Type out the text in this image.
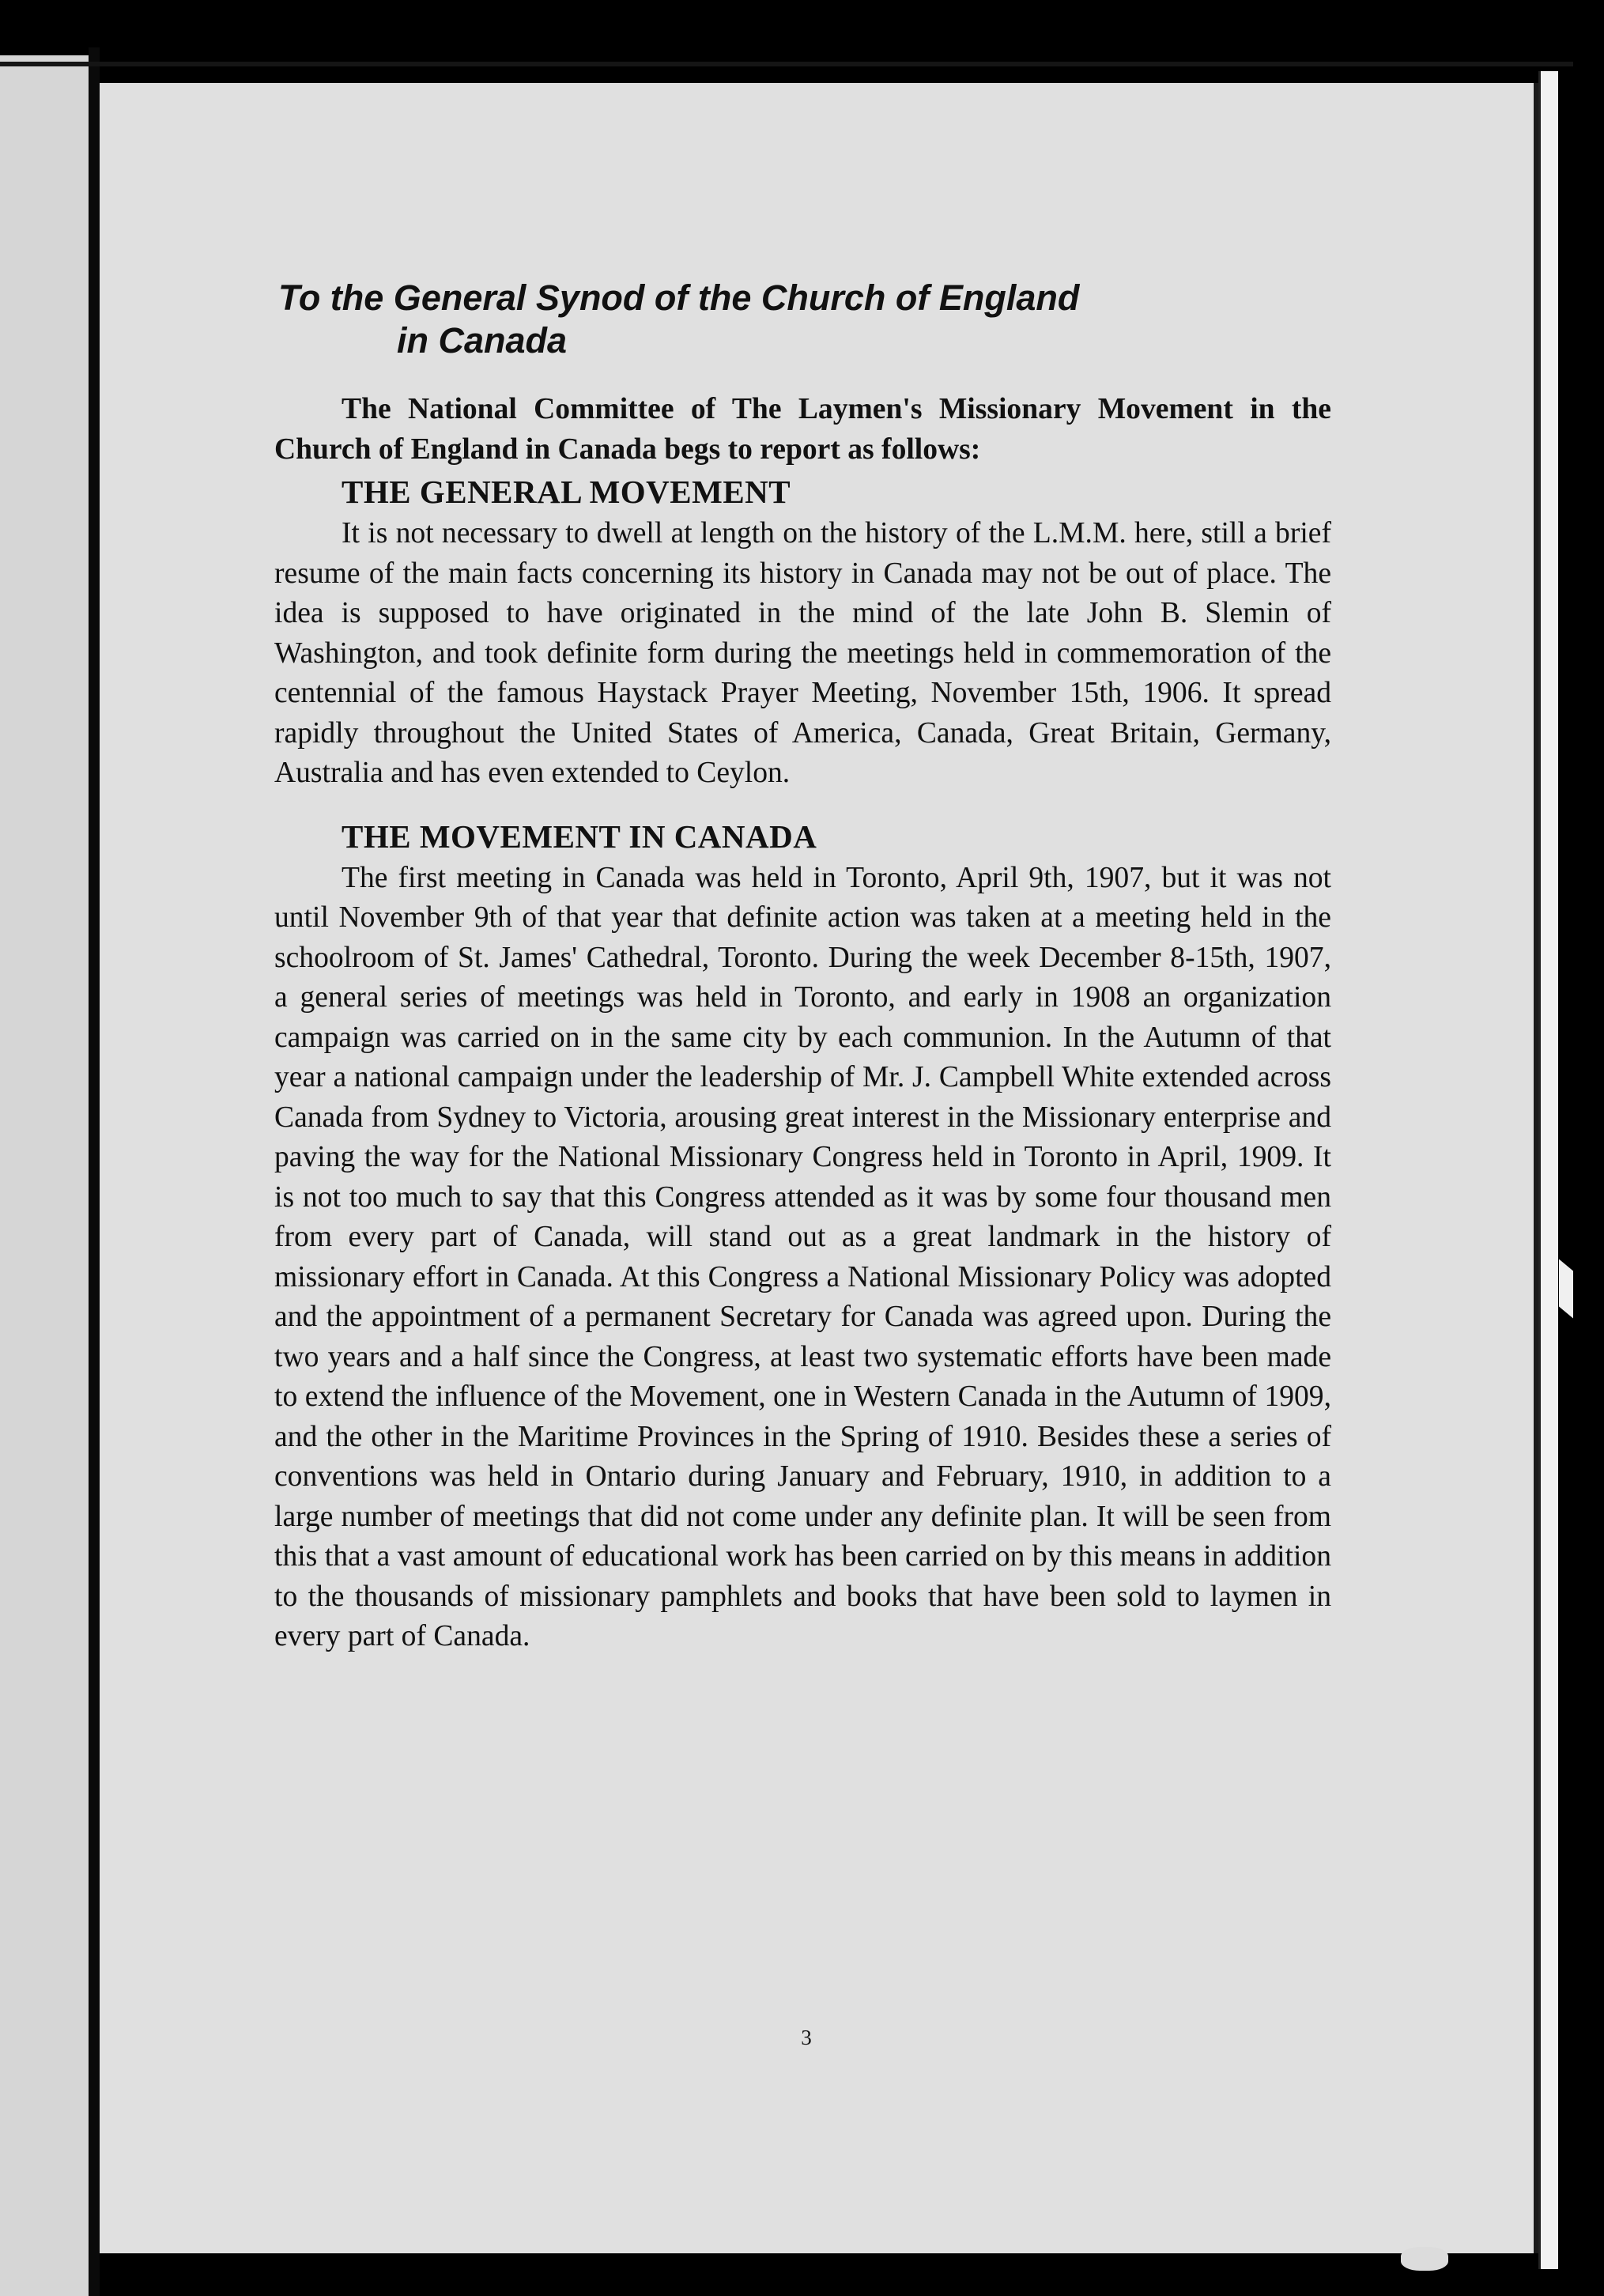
To the General Synod of the Church of England
in Canada

The National Committee of The Laymen's Missionary Movement in the Church of England in Canada begs to report as follows:

THE GENERAL MOVEMENT

It is not necessary to dwell at length on the history of the L.M.M. here, still a brief resume of the main facts concerning its history in Canada may not be out of place. The idea is supposed to have originated in the mind of the late John B. Slemin of Washington, and took definite form during the meetings held in commemoration of the centennial of the famous Haystack Prayer Meeting, November 15th, 1906. It spread rapidly throughout the United States of America, Canada, Great Britain, Germany, Australia and has even extended to Ceylon.

THE MOVEMENT IN CANADA

The first meeting in Canada was held in Toronto, April 9th, 1907, but it was not until November 9th of that year that definite action was taken at a meeting held in the schoolroom of St. James' Cathedral, Toronto. During the week December 8-15th, 1907, a general series of meetings was held in Toronto, and early in 1908 an organization campaign was carried on in the same city by each communion. In the Autumn of that year a national campaign under the leadership of Mr. J. Campbell White extended across Canada from Sydney to Victoria, arousing great interest in the Missionary enterprise and paving the way for the National Missionary Congress held in Toronto in April, 1909. It is not too much to say that this Congress attended as it was by some four thousand men from every part of Canada, will stand out as a great landmark in the history of missionary effort in Canada. At this Congress a National Missionary Policy was adopted and the appointment of a permanent Secretary for Canada was agreed upon. During the two years and a half since the Congress, at least two systematic efforts have been made to extend the influence of the Movement, one in Western Canada in the Autumn of 1909, and the other in the Maritime Provinces in the Spring of 1910. Besides these a series of conventions was held in Ontario during January and February, 1910, in addition to a large number of meetings that did not come under any definite plan. It will be seen from this that a vast amount of educational work has been carried on by this means in addition to the thousands of missionary pamphlets and books that have been sold to laymen in every part of Canada.

3
